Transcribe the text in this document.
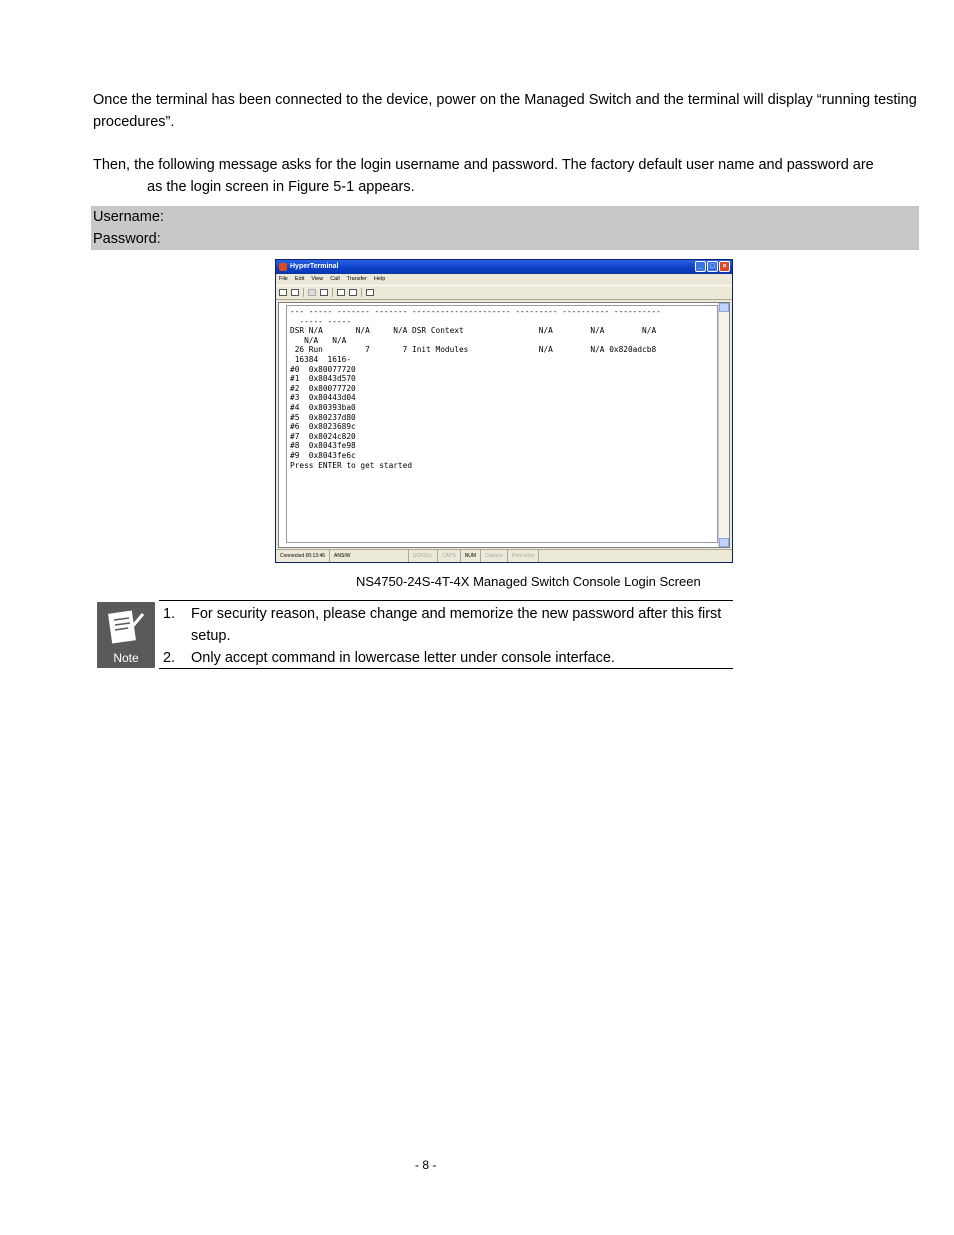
Once the terminal has been connected to the device, power on the Managed Switch and the terminal will display “running testing procedures”.
Then, the following message asks for the login username and password. The factory default user name and password are  as the login screen in Figure 5-1 appears.
Username:
Password:
HyperTerminal	_	□	×
File Edit View Call Transfer Help
--- ----- ------- ------- --------------------- --------- ---------- ----------
----- -----
DSR N/A       N/A     N/A DSR Context                N/A        N/A        N/A
N/A   N/A
26 Run         7       7 Init Modules               N/A        N/A 0x820adcb8
16384  1616-
#0  0x80077720
#1  0x8043d570
#2  0x80077720
#3  0x80443d04
#4  0x80393ba0
#5  0x80237d80
#6  0x8023689c
#7  0x8024c820
#8  0x8043fe98
#9  0x8043fe6c
Press ENTER to get started
Connected 00:13:46	ANSIW	SCROLL	CAPS	NUM	Capture	Print echo
NS4750-24S-4T-4X Managed Switch Console Login Screen
Note
1. For security reason, please change and memorize the new password after this first setup.
2. Only accept command in lowercase letter under console interface.
- 8 -
